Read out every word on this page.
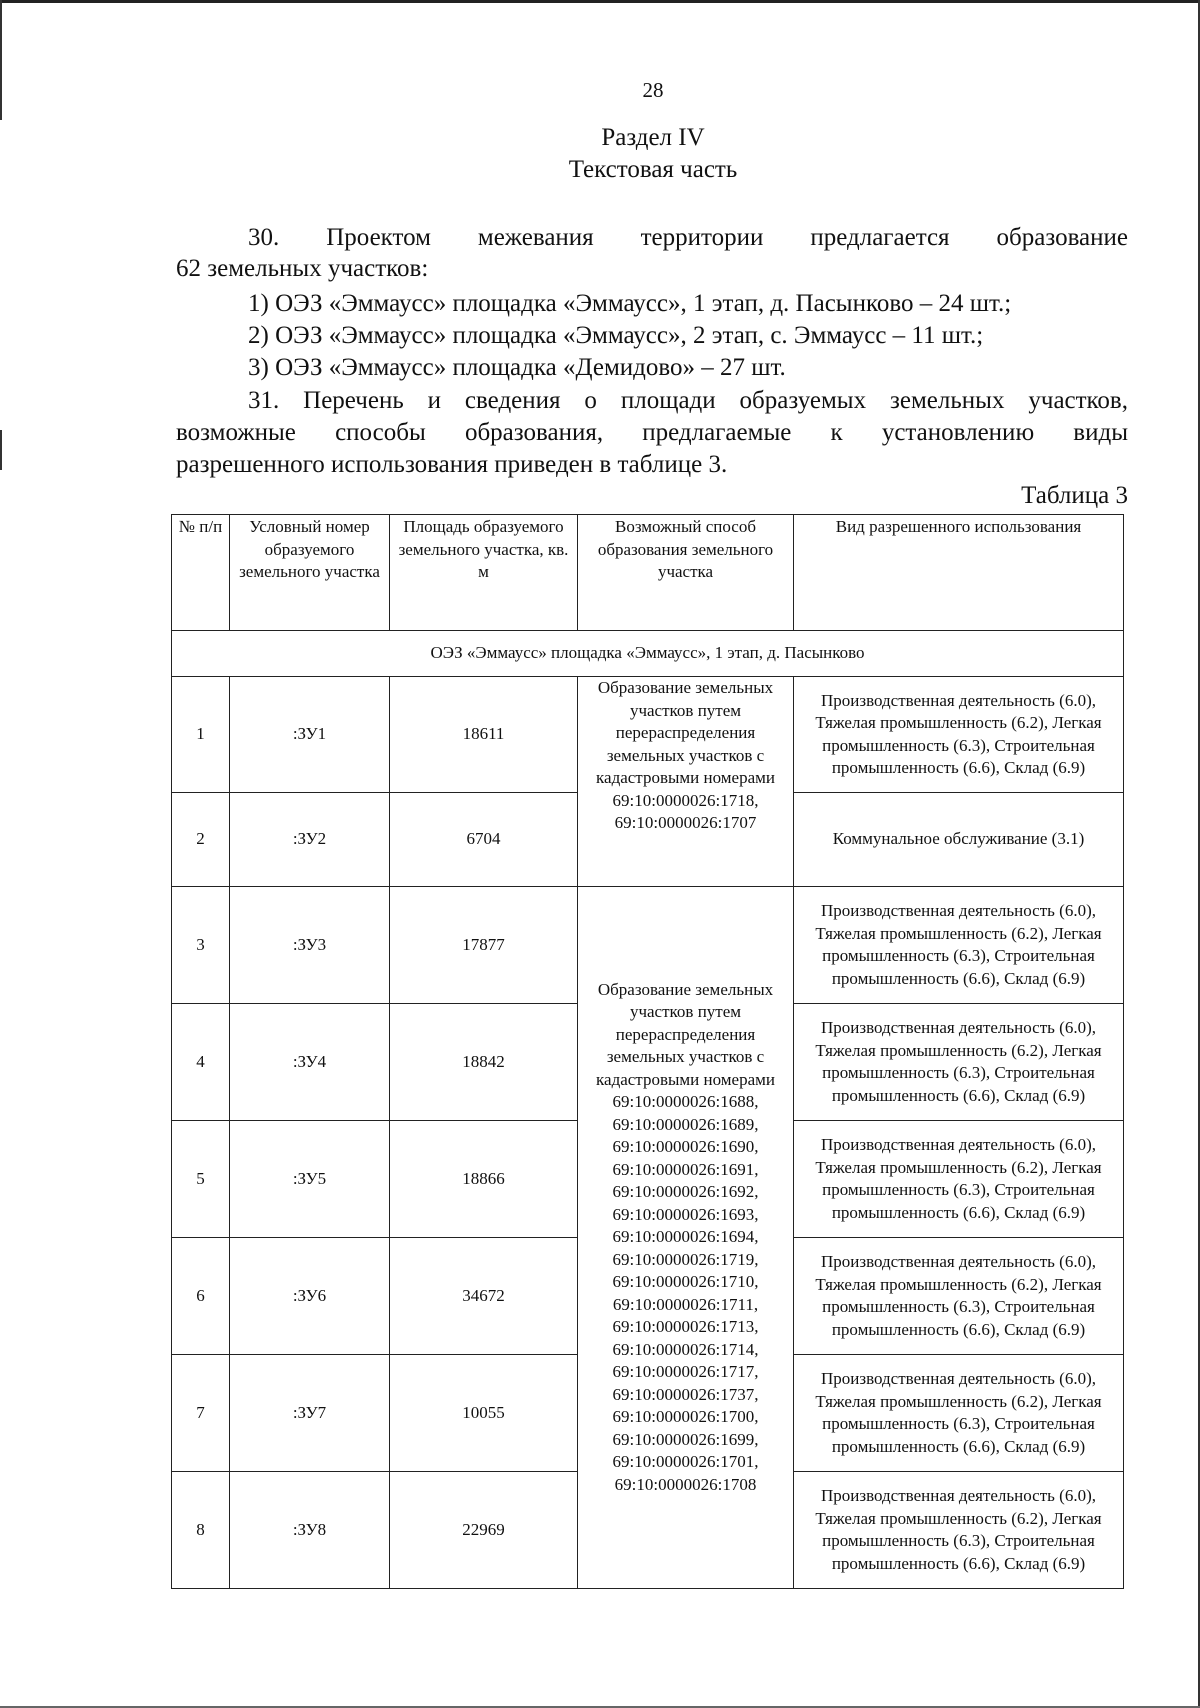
28
Раздел IV
Текстовая часть
30. Проектом межевания территории предлагается образование
62 земельных участков:
1) ОЭЗ «Эммаусс» площадка «Эммаусс», 1 этап, д. Пасынково – 24 шт.;
2) ОЭЗ «Эммаусс» площадка «Эммаусс», 2 этап, с. Эммаусс – 11 шт.;
3) ОЭЗ «Эммаусс» площадка «Демидово» – 27 шт.
31. Перечень и сведения о площади образуемых земельных участков,
возможные способы образования, предлагаемые к установлению виды
разрешенного использования приведен в таблице 3.
Таблица 3
№ п/п	Условный номер образуемого земельного участка	Площадь образуемого земельного участка, кв. м	Возможный способ образования земельного участка	Вид разрешенного использования
ОЭЗ «Эммаусс» площадка «Эммаусс», 1 этап, д. Пасынково				
1	:ЗУ1	18611	Образование земельных участков путем перераспределения земельных участков с кадастровыми номерами 69:10:0000026:1718, 69:10:0000026:1707	Производственная деятельность (6.0), Тяжелая промышленность (6.2), Легкая промышленность (6.3), Строительная промышленность (6.6), Склад (6.9)
2	:ЗУ2	6704		Коммунальное обслуживание (3.1)
3	:ЗУ3	17877	Образование земельных участков путем перераспределения земельных участков с кадастровыми номерами 69:10:0000026:1688, 69:10:0000026:1689, 69:10:0000026:1690, 69:10:0000026:1691, 69:10:0000026:1692, 69:10:0000026:1693, 69:10:0000026:1694, 69:10:0000026:1719, 69:10:0000026:1710, 69:10:0000026:1711, 69:10:0000026:1713, 69:10:0000026:1714, 69:10:0000026:1717, 69:10:0000026:1737, 69:10:0000026:1700, 69:10:0000026:1699, 69:10:0000026:1701, 69:10:0000026:1708	Производственная деятельность (6.0), Тяжелая промышленность (6.2), Легкая промышленность (6.3), Строительная промышленность (6.6), Склад (6.9)
4	:ЗУ4	18842		Производственная деятельность (6.0), Тяжелая промышленность (6.2), Легкая промышленность (6.3), Строительная промышленность (6.6), Склад (6.9)
5	:ЗУ5	18866		Производственная деятельность (6.0), Тяжелая промышленность (6.2), Легкая промышленность (6.3), Строительная промышленность (6.6), Склад (6.9)
6	:ЗУ6	34672		Производственная деятельность (6.0), Тяжелая промышленность (6.2), Легкая промышленность (6.3), Строительная промышленность (6.6), Склад (6.9)
7	:ЗУ7	10055		Производственная деятельность (6.0), Тяжелая промышленность (6.2), Легкая промышленность (6.3), Строительная промышленность (6.6), Склад (6.9)
8	:ЗУ8	22969		Производственная деятельность (6.0), Тяжелая промышленность (6.2), Легкая промышленность (6.3), Строительная промышленность (6.6), Склад (6.9)
